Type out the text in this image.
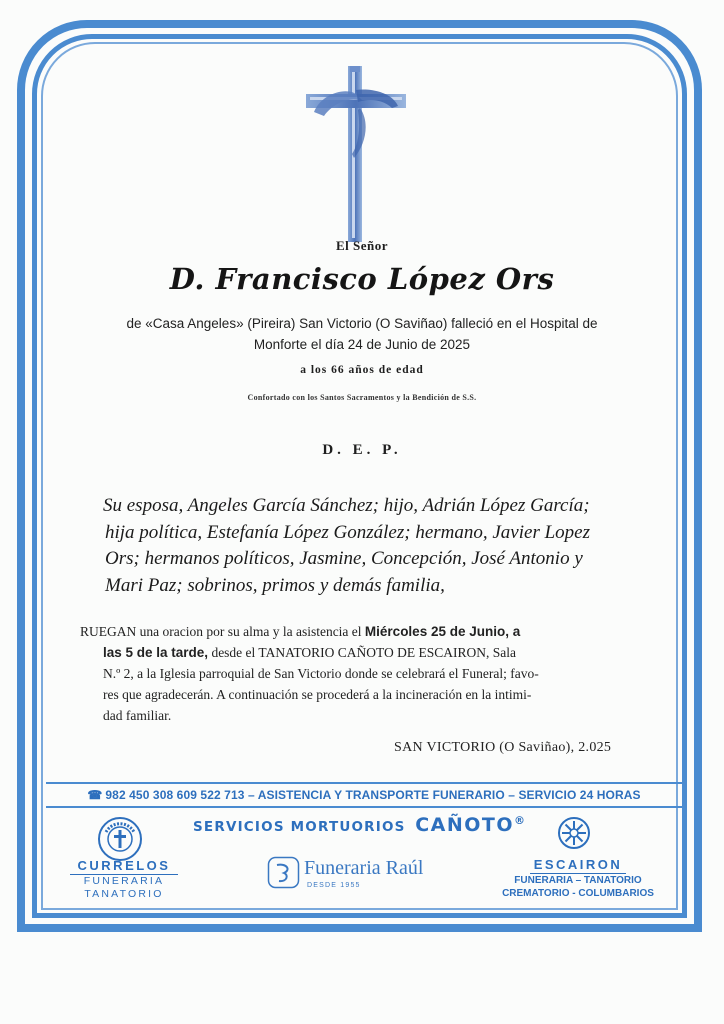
El Señor
D. Francisco López Ors
de «Casa Angeles» (Pireira) San Victorio (O Saviñao) falleció en el Hospital de
Monforte el día 24 de Junio de 2025
a los 66 años de edad
Confortado con los Santos Sacramentos y la Bendición de S.S.
D. E. P.
Su esposa, Angeles García Sánchez; hijo, Adrián López García;
hija política, Estefanía López González; hermano, Javier Lopez
Ors; hermanos políticos, Jasmine, Concepción, José Antonio y
Mari Paz; sobrinos, primos y demás familia,
RUEGAN una oracion por su alma y la asistencia el Miércoles 25 de Junio, a
las 5 de la tarde, desde el TANATORIO CAÑOTO DE ESCAIRON, Sala
N.º 2, a la Iglesia parroquial de San Victorio donde se celebrará el Funeral; favo-
res que agradecerán. A continuación se procederá a la incineración en la intimi-
dad familiar.
SAN VICTORIO (O Saviñao), 2.025
☎ 982 450 308 609 522 713 – ASISTENCIA Y TRANSPORTE FUNERARIO – SERVICIO 24 HORAS
SERVICIOS MORTUORIOS CAÑOTO®
CURRELOS
FUNERARIA
TANATORIO
Funeraria Raúl
DESDE 1955
ESCAIRON
FUNERARIA – TANATORIO
CREMATORIO - COLUMBARIOS
